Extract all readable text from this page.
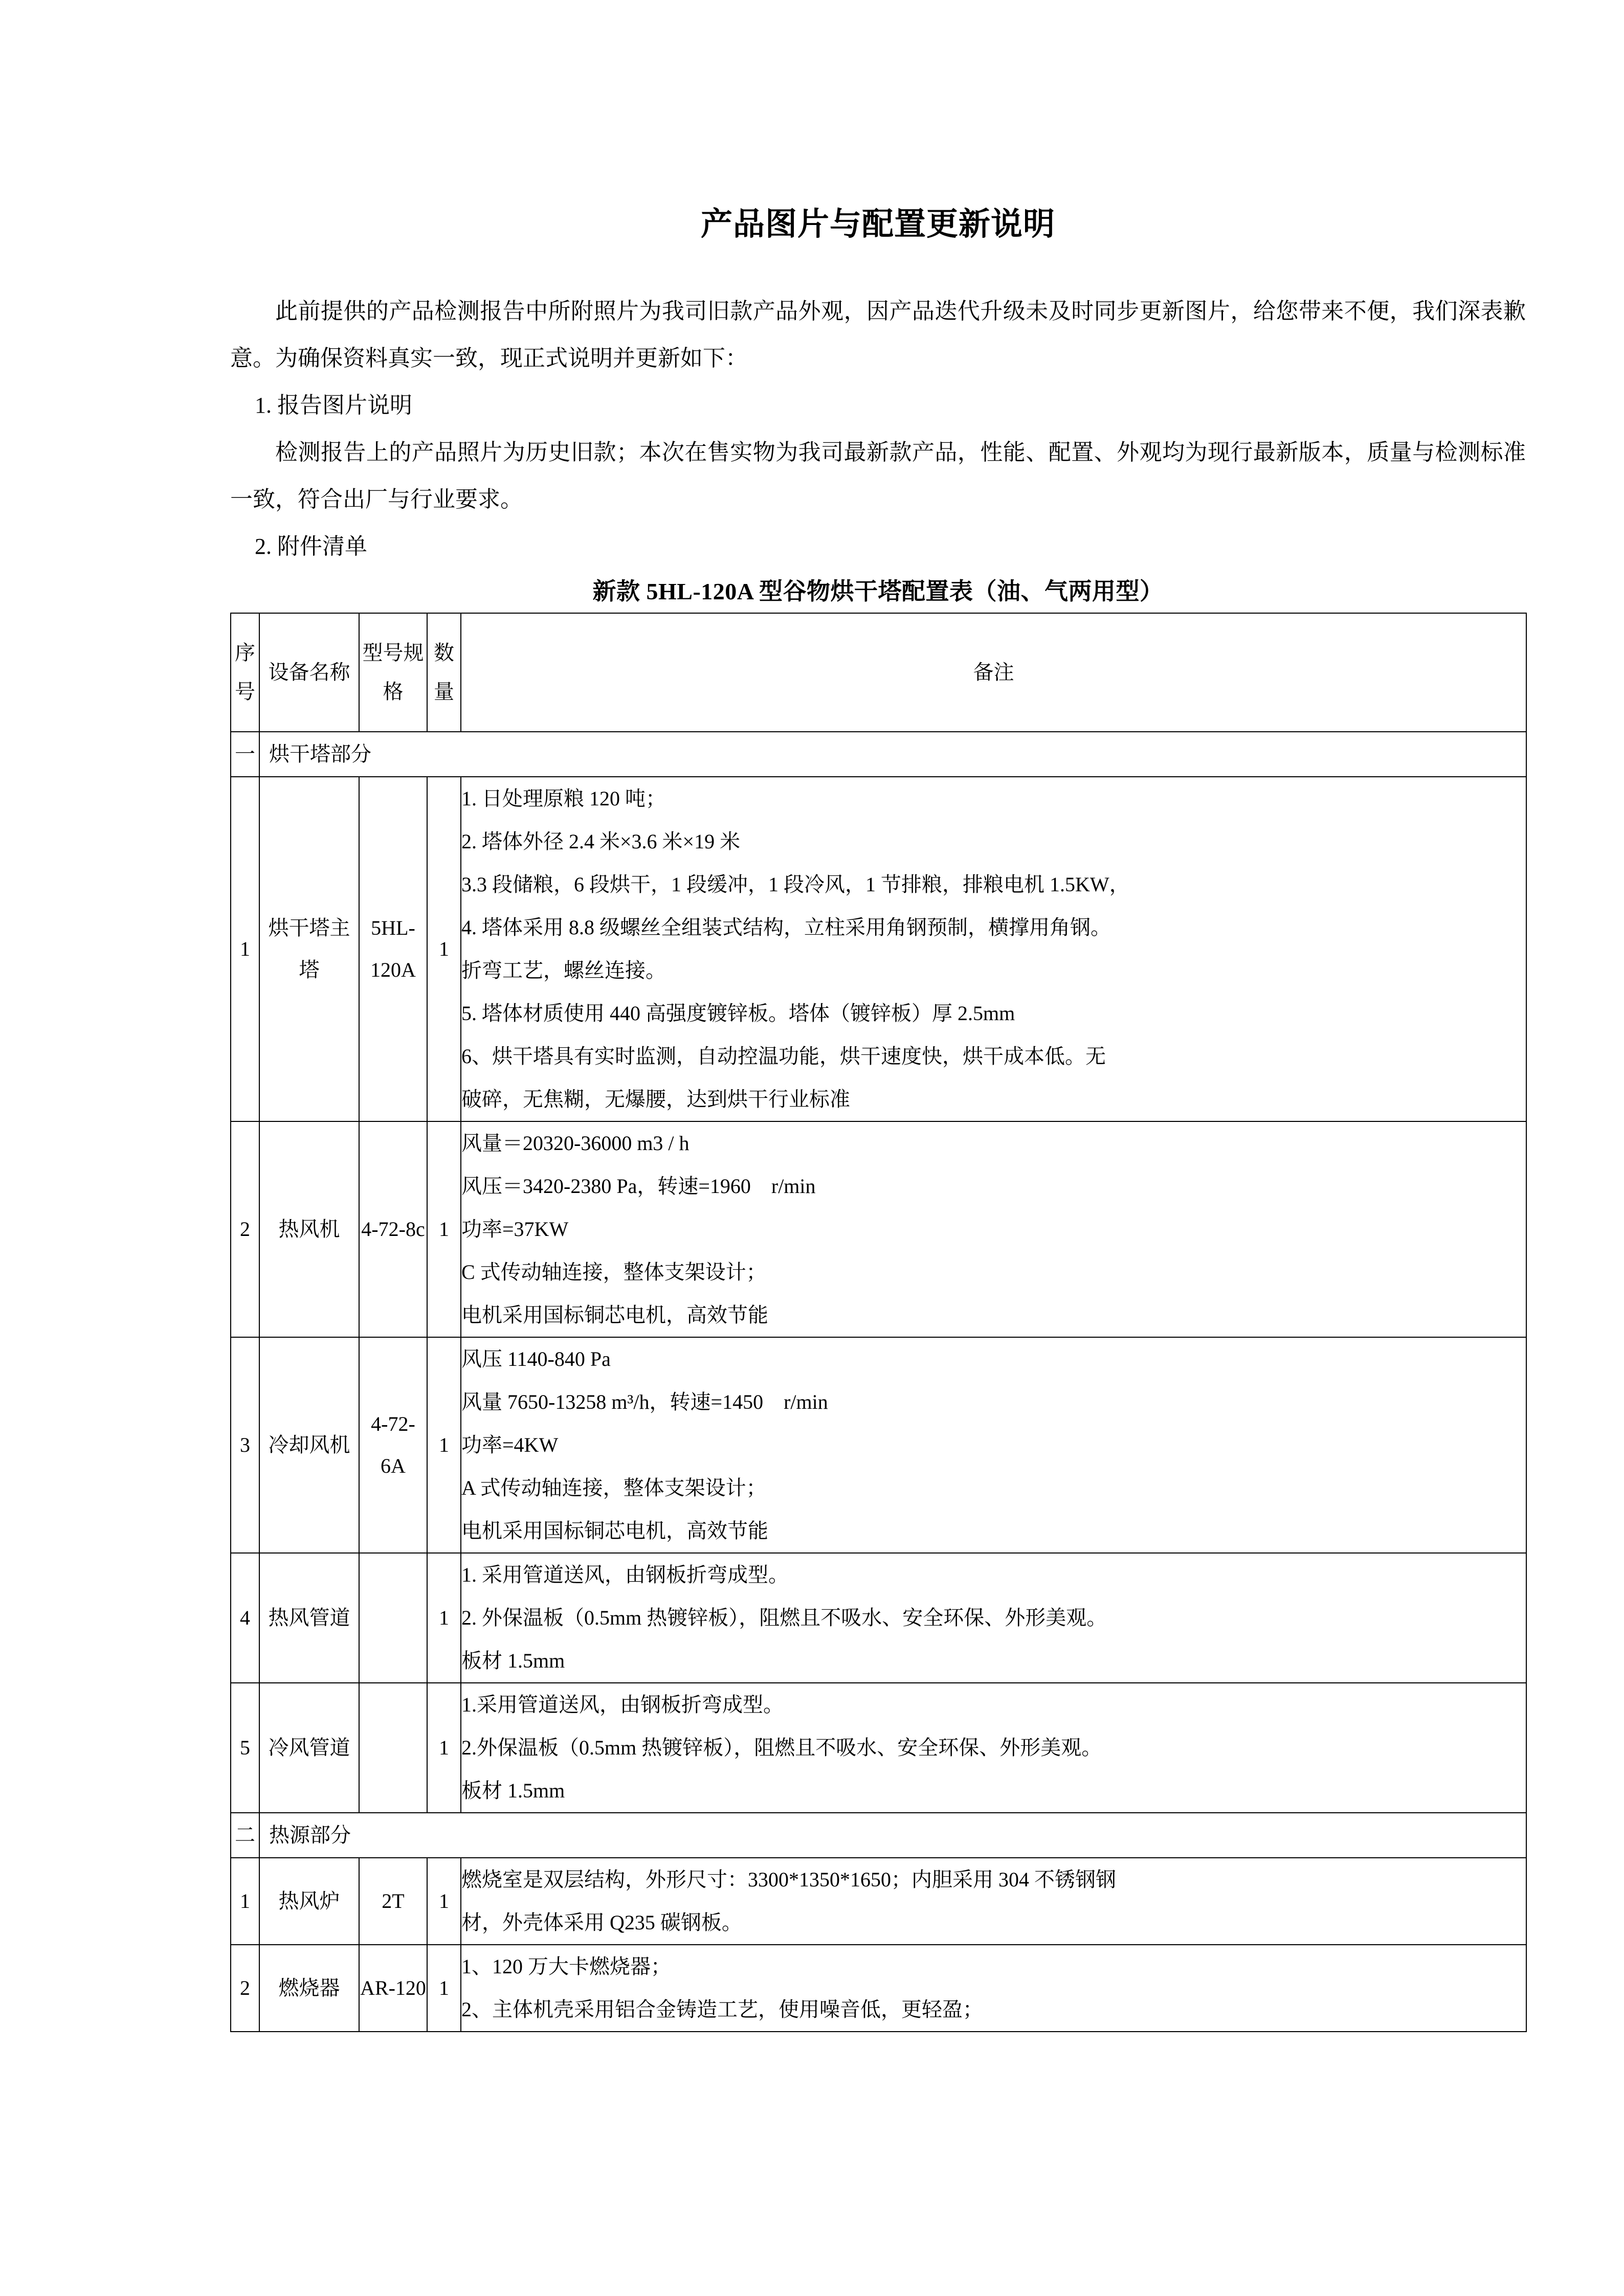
产品图片与配置更新说明

此前提供的产品检测报告中所附照片为我司旧款产品外观，因产品迭代升级未及时同步更新图片，给您带来不便，我们深表歉意。为确保资料真实一致，现正式说明并更新如下：

1. 报告图片说明

检测报告上的产品照片为历史旧款；本次在售实物为我司最新款产品，性能、配置、外观均为现行最新版本，质量与检测标准一致，符合出厂与行业要求。

2. 附件清单

新款 5HL-120A 型谷物烘干塔配置表（油、气两用型）
序
号	设备名称	型号规
格	数
量	备注
一	烘干塔部分			
1	烘干塔主
塔	5HL-120A	1	
1. 日处理原粮 120 吨；
2. 塔体外径 2.4 米×3.6 米×19 米
3.3 段储粮，6 段烘干，1 段缓冲，1 段冷风，1 节排粮，排粮电机 1.5KW，
4. 塔体采用 8.8 级螺丝全组装式结构，立柱采用角钢预制，横撑用角钢。
折弯工艺，螺丝连接。
5. 塔体材质使用 440 高强度镀锌板。塔体（镀锌板）厚 2.5mm
6、烘干塔具有实时监测，自动控温功能，烘干速度快，烘干成本低。无
破碎，无焦糊，无爆腰，达到烘干行业标准

2	热风机	4-72-8c	1	风量＝20320-36000 m3 / h
风压＝3420-2380 Pa，转速=1960　r/min
功率=37KW
C 式传动轴连接，整体支架设计；
电机采用国标铜芯电机，高效节能

3	冷却风机	4-72-6A	1	风压 1140-840 Pa
风量 7650-13258 m³/h，转速=1450　r/min
功率=4KW
A 式传动轴连接，整体支架设计；
电机采用国标铜芯电机，高效节能

4	热风管道		1	1. 采用管道送风，由钢板折弯成型。
2. 外保温板（0.5mm 热镀锌板），阻燃且不吸水、安全环保、外形美观。
板材 1.5mm

5	冷风管道		1	1.采用管道送风，由钢板折弯成型。
2.外保温板（0.5mm 热镀锌板），阻燃且不吸水、安全环保、外形美观。
板材 1.5mm

二	热源部分			
1	热风炉	2T	1	燃烧室是双层结构，外形尺寸：3300*1350*1650；内胆采用 304 不锈钢钢
材，外壳体采用 Q235 碳钢板。

2	燃烧器	AR-120	1	1、120 万大卡燃烧器；
2、主体机壳采用铝合金铸造工艺，使用噪音低，更轻盈；
